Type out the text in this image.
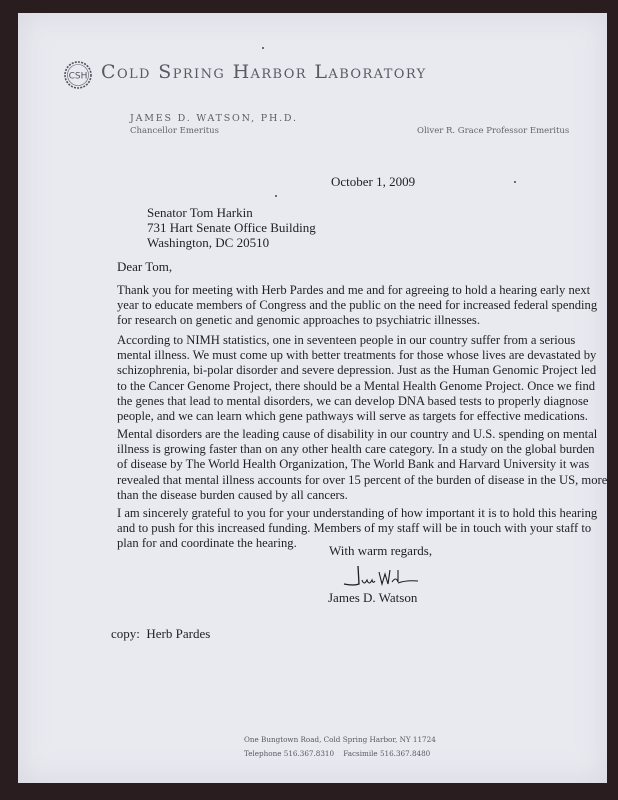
CSH Cold Spring Harbor Laboratory
JAMES D. WATSON, PH.D.
Chancellor Emeritus	Oliver R. Grace Professor Emeritus
October 1, 2009
Senator Tom Harkin
731 Hart Senate Office Building
Washington, DC 20510
Dear Tom,
Thank you for meeting with Herb Pardes and me and for agreeing to hold a hearing early next
year to educate members of Congress and the public on the need for increased federal spending
for research on genetic and genomic approaches to psychiatric illnesses.
According to NIMH statistics, one in seventeen people in our country suffer from a serious
mental illness. We must come up with better treatments for those whose lives are devastated by
schizophrenia, bi-polar disorder and severe depression. Just as the Human Genomic Project led
to the Cancer Genome Project, there should be a Mental Health Genome Project. Once we find
the genes that lead to mental disorders, we can develop DNA based tests to properly diagnose
people, and we can learn which gene pathways will serve as targets for effective medications.
Mental disorders are the leading cause of disability in our country and U.S. spending on mental
illness is growing faster than on any other health care category. In a study on the global burden
of disease by The World Health Organization, The World Bank and Harvard University it was
revealed that mental illness accounts for over 15 percent of the burden of disease in the US, more
than the disease burden caused by all cancers.
I am sincerely grateful to you for your understanding of how important it is to hold this hearing
and to push for this increased funding. Members of my staff will be in touch with your staff to
plan for and coordinate the hearing.	With warm regards,
James D. Watson
copy:  Herb Pardes
One Bungtown Road, Cold Spring Harbor, NY 11724
Telephone 516.367.8310    Facsimile 516.367.8480
